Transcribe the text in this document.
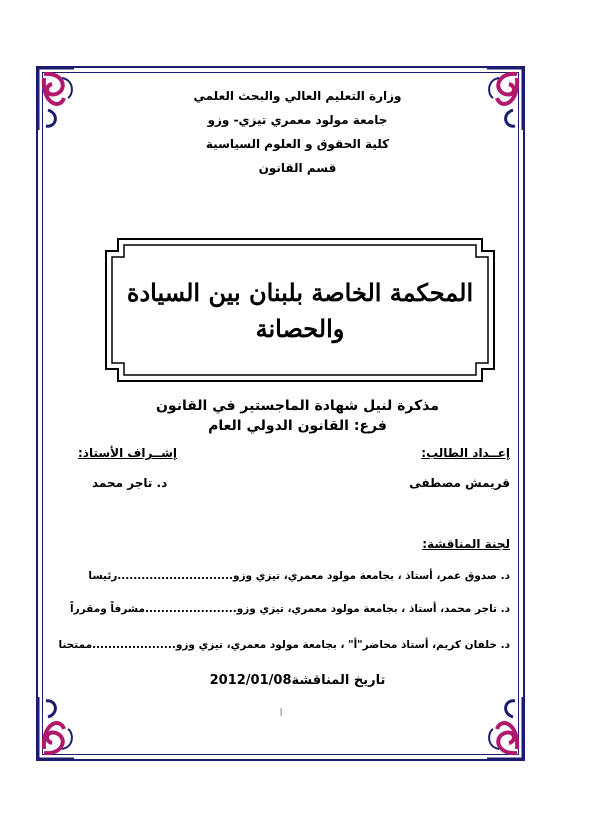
وزارة التعليم العالي والبحث العلمي
جامعة مولود معمري تيزي- وزو
كلية الحقوق و العلوم السياسية
قسم القانون
المحكمة الخاصة بلبنان بين السيادة
والحصانة
مذكرة لنيل شهادة الماجستير في القانون
فرع: القانون الدولي العام
إعــداد الطالب:
إشــراف الأستاذ:
قريمش مصطفى
د. تاجر محمد
لجنة المناقشة:
د. صدوق عمر، أستاذ ، بجامعة مولود معمري، تيزي وزو.............................رئيسا
د. تاجر محمد، أستاذ ، بجامعة مولود معمري، تيزي وزو.......................مشرفاً ومقرراً
د. خلفان كريم، أستاذ محاضر"أ" ، بجامعة مولود معمري، تيزي وزو.....................ممتحنا
تاريخ المناقشة2012/01/08
أ
